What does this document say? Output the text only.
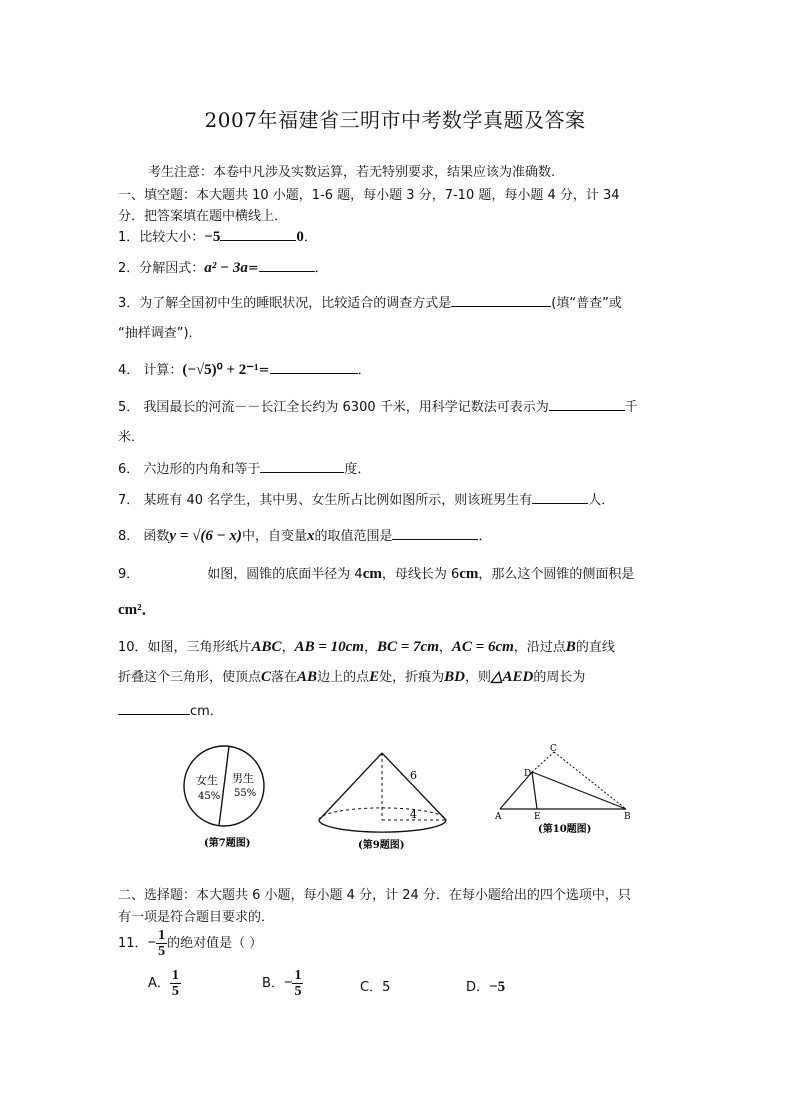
2007年福建省三明市中考数学真题及答案
考生注意：本卷中凡涉及实数运算，若无特别要求，结果应该为准确数.
一、填空题：本大题共 10 小题，1-6 题，每小题 3 分，7-10 题，每小题 4 分，计 34
分．把答案填在题中横线上．
1．比较大小：−5	0．
2．分解因式：a² − 3a=	．
3．为了解全国初中生的睡眠状况，比较适合的调查方式是	(填“普查”或
“抽样调查”)．
4． 计算：(−√5)⁰ + 2⁻¹=	．
5． 我国最长的河流－－长江全长约为 6300 千米，用科学记数法可表示为	千
米．
6． 六边形的内角和等于	度．
7． 某班有 40 名学生，其中男、女生所占比例如图所示，则该班男生有	人．
8． 函数y = √(6 − x)中，自变量x的取值范围是	．
9．	如图，圆锥的底面半径为 4cm，母线长为 6cm，那么这个圆锥的侧面积是
cm²．
10．如图，三角形纸片ABC，AB = 10cm，BC = 7cm，AC = 6cm，沿过点B的直线
折叠这个三角形，使顶点C落在AB边上的点E处，折痕为BD，则△AED的周长为
cm．
女生
45%
男生
55%
(第7题图)
6
4
(第9题图)
A	B
C
D
E
(第10题图)
二、选择题：本大题共 6 小题，每小题 4 分，计 24 分．在每小题给出的四个选项中，只
有一项是符合题目要求的．
11．− $\frac{1}{5}$ 的绝对值是（ ）
A． $\frac{1}{5}$	B．− $\frac{1}{5}$	C．5	D．−5
